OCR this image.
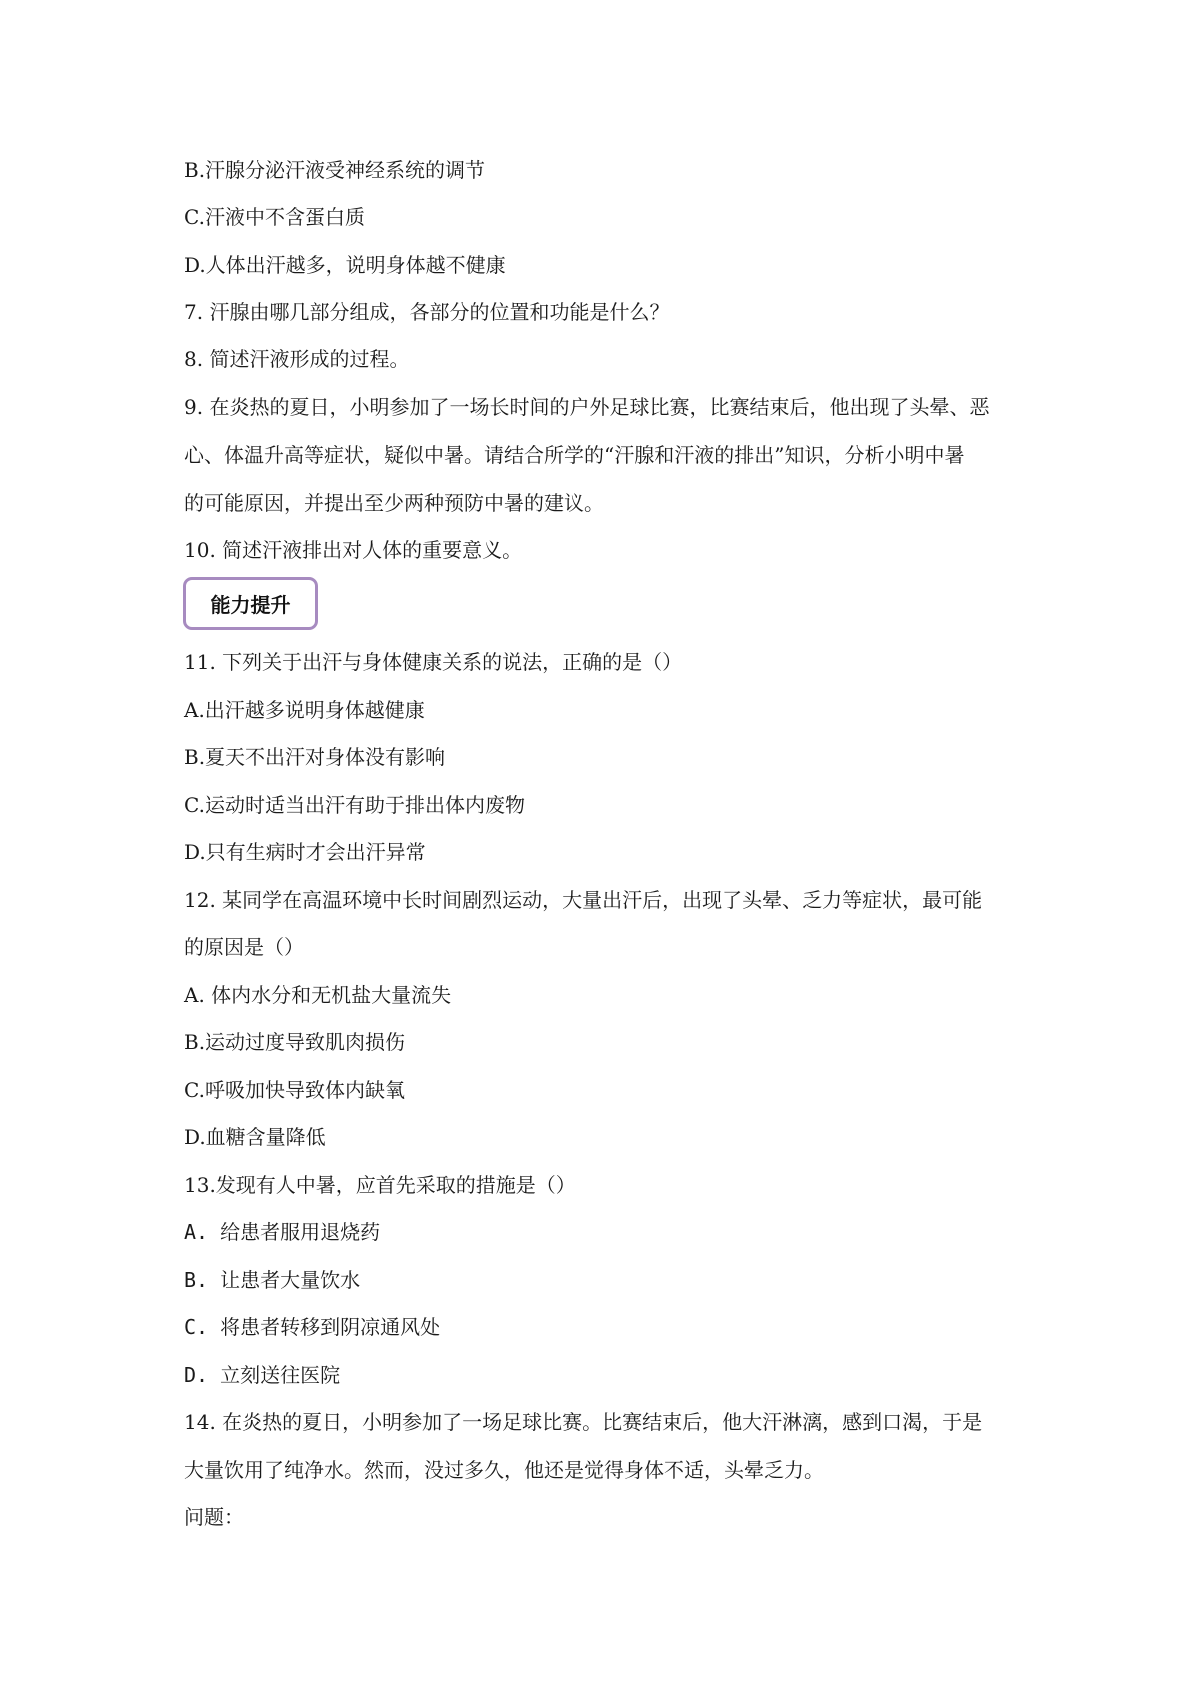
B.汗腺分泌汗液受神经系统的调节
C.汗液中不含蛋白质
D.人体出汗越多，说明身体越不健康
7. 汗腺由哪几部分组成，各部分的位置和功能是什么？
8. 简述汗液形成的过程。
9. 在炎热的夏日，小明参加了一场长时间的户外足球比赛，比赛结束后，他出现了头晕、恶
心、体温升高等症状，疑似中暑。请结合所学的“汗腺和汗液的排出”知识，分析小明中暑
的可能原因，并提出至少两种预防中暑的建议。
10. 简述汗液排出对人体的重要意义。
能力提升
11. 下列关于出汗与身体健康关系的说法，正确的是（）
A.出汗越多说明身体越健康
B.夏天不出汗对身体没有影响
C.运动时适当出汗有助于排出体内废物
D.只有生病时才会出汗异常
12. 某同学在高温环境中长时间剧烈运动，大量出汗后，出现了头晕、乏力等症状，最可能
的原因是（）
A. 体内水分和无机盐大量流失
B.运动过度导致肌肉损伤
C.呼吸加快导致体内缺氧
D.血糖含量降低
13.发现有人中暑，应首先采取的措施是（）
A. 给患者服用退烧药
B. 让患者大量饮水
C. 将患者转移到阴凉通风处
D. 立刻送往医院
14. 在炎热的夏日，小明参加了一场足球比赛。比赛结束后，他大汗淋漓，感到口渴，于是
大量饮用了纯净水。然而，没过多久，他还是觉得身体不适，头晕乏力。
问题：
